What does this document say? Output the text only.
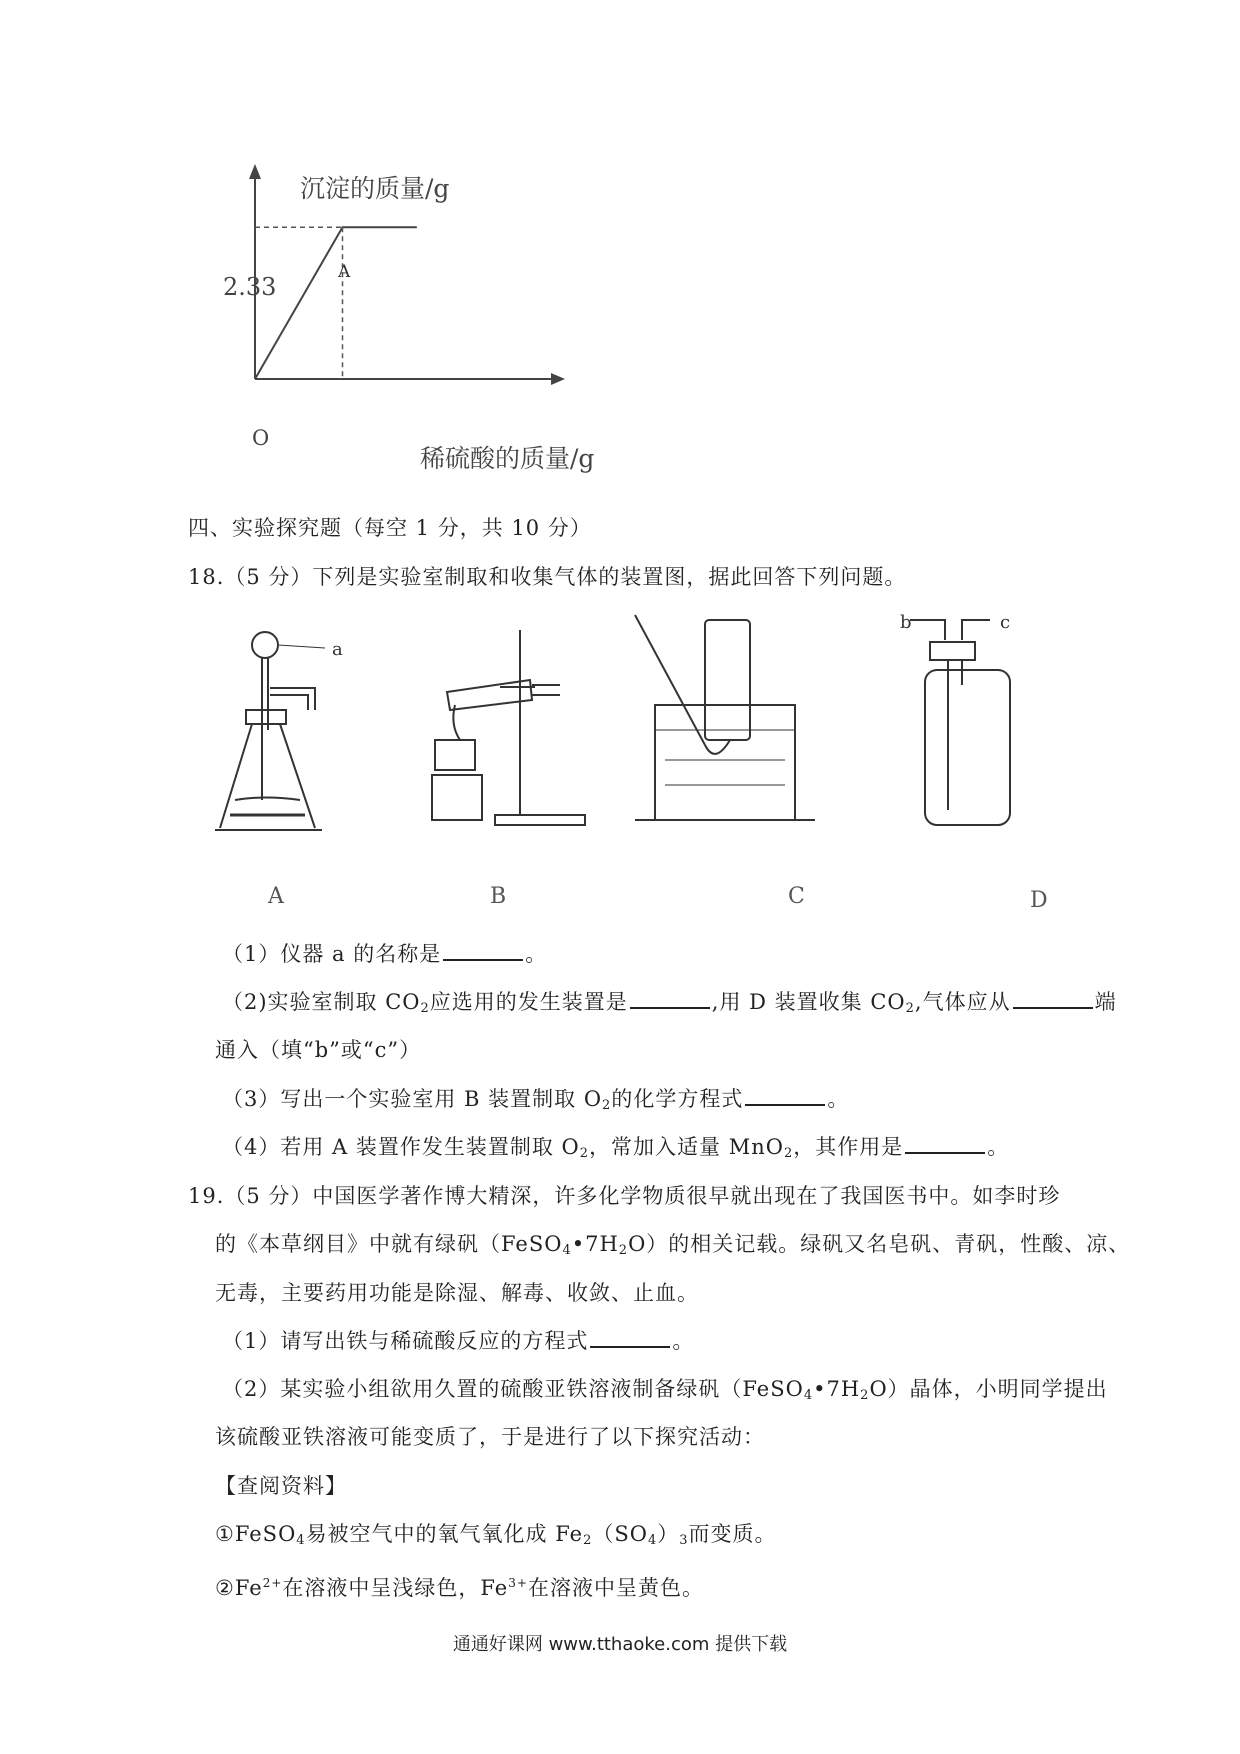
沉淀的质量/g
稀硫酸的质量/g
O
2.33
A
四、实验探究题（每空 1 分，共 10 分）
18.（5 分）下列是实验室制取和收集气体的装置图，据此回答下列问题。
a
b	c
A	B	C	D
（1）仪器 a 的名称是	。
（2)实验室制取 $CO_2$应选用的发生装置是	,用 D 装置收集 $CO_2$,气体应从	端
通入（填“b”或“c”）
（3）写出一个实验室用 B 装置制取 $O_2$的化学方程式	。
（4）若用 A 装置作发生装置制取 $O_2$，常加入适量 MnO$_2$，其作用是	。
19.（5 分）中国医学著作博大精深，许多化学物质很早就出现在了我国医书中。如李时珍
的《本草纲目》中就有绿矾$(FeSO_4•7H_2O)$的相关记载。绿矾又名皂矾、青矾，性酸、凉、
无毒，主要药用功能是除湿、解毒、收敛、止血。
（1）请写出铁与稀硫酸反应的方程式	。
（2）某实验小组欲用久置的硫酸亚铁溶液制备绿矾$(FeSO_4•7H_2O)$晶体，小明同学提出
该硫酸亚铁溶液可能变质了，于是进行了以下探究活动：
【查阅资料】
①FeSO$_4$易被空气中的氧气氧化成 $Fe_2(SO_4)_3$而变质。
$②Fe^{2+}$在溶液中呈浅绿色，$Fe^{3+}$在溶液中呈黄色。
通通好课网 www.tthaoke.com 提供下载
